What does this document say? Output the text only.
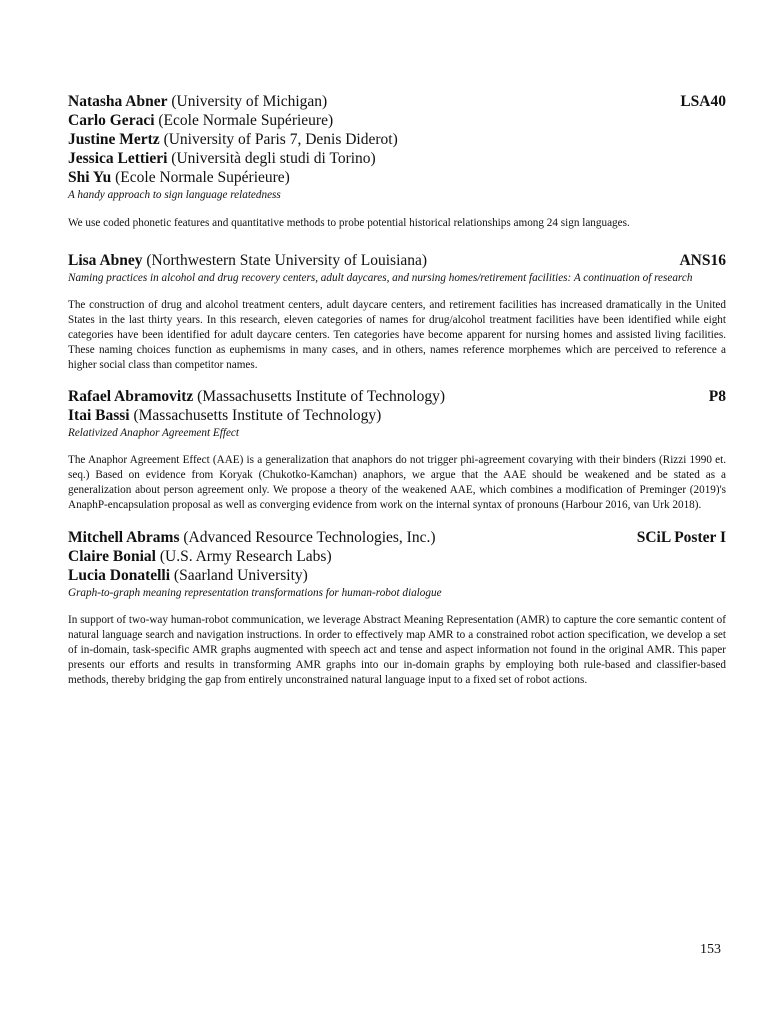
Natasha Abner (University of Michigan)	LSA40
Carlo Geraci (Ecole Normale Supérieure)
Justine Mertz (University of Paris 7, Denis Diderot)
Jessica Lettieri (Università degli studi di Torino)
Shi Yu (Ecole Normale Supérieure)
A handy approach to sign language relatedness
We use coded phonetic features and quantitative methods to probe potential historical relationships among 24 sign languages.
Lisa Abney (Northwestern State University of Louisiana)	ANS16
Naming practices in alcohol and drug recovery centers, adult daycares, and nursing homes/retirement facilities: A continuation of research
The construction of drug and alcohol treatment centers, adult daycare centers, and retirement facilities has increased dramatically in the United States in the last thirty years. In this research, eleven categories of names for drug/alcohol treatment facilities have been identified while eight categories have been identified for adult daycare centers. Ten categories have become apparent for nursing homes and assisted living facilities. These naming choices function as euphemisms in many cases, and in others, names reference morphemes which are perceived to reference a higher social class than competitor names.
Rafael Abramovitz (Massachusetts Institute of Technology)	P8
Itai Bassi (Massachusetts Institute of Technology)
Relativized Anaphor Agreement Effect
The Anaphor Agreement Effect (AAE) is a generalization that anaphors do not trigger phi-agreement covarying with their binders (Rizzi 1990 et. seq.) Based on evidence from Koryak (Chukotko-Kamchan) anaphors, we argue that the AAE should be weakened and be stated as a generalization about person agreement only. We propose a theory of the weakened AAE, which combines a modification of Preminger (2019)'s AnaphP-encapsulation proposal as well as converging evidence from work on the internal syntax of pronouns (Harbour 2016, van Urk 2018).
Mitchell Abrams (Advanced Resource Technologies, Inc.)	SCiL Poster I
Claire Bonial (U.S. Army Research Labs)
Lucia Donatelli (Saarland University)
Graph-to-graph meaning representation transformations for human-robot dialogue
In support of two-way human-robot communication, we leverage Abstract Meaning Representation (AMR) to capture the core semantic content of natural language search and navigation instructions. In order to effectively map AMR to a constrained robot action specification, we develop a set of in-domain, task-specific AMR graphs augmented with speech act and tense and aspect information not found in the original AMR. This paper presents our efforts and results in transforming AMR graphs into our in-domain graphs by employing both rule-based and classifier-based methods, thereby bridging the gap from entirely unconstrained natural language input to a fixed set of robot actions.
153
